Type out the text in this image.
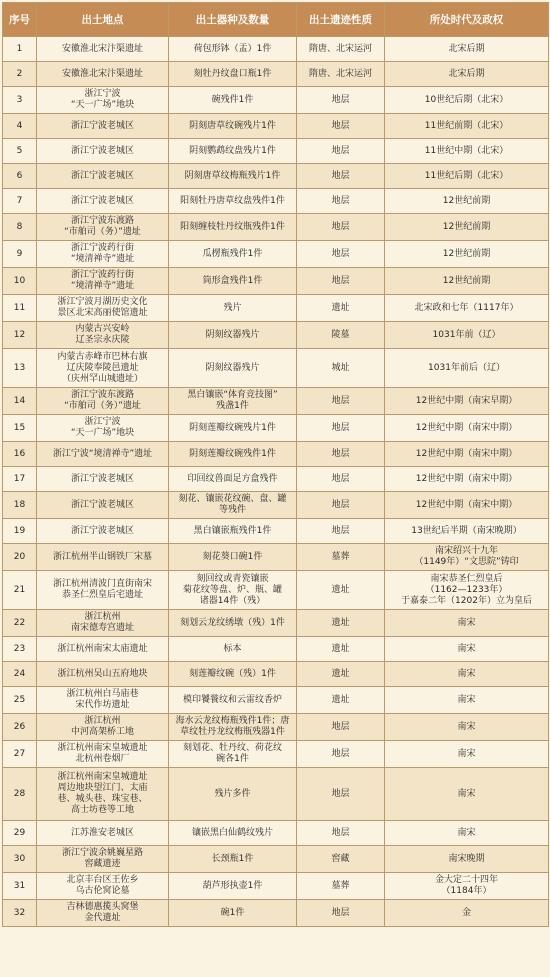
序号	出土地点	出土器种及数量	出土遗迹性质	所处时代及政权

1	安徽淮北宋汴渠遗址	荷包形钵（盂）1件	隋唐、北宋运河	北宋后期

2	安徽淮北宋汴渠遗址	刻牡丹纹盘口瓶1件	隋唐、北宋运河	北宋后期

3	浙江宁波
“天一广场”地块	碗残件1件	地层	10世纪后期（北宋）

4	浙江宁波老城区	阴刻唐草纹碗残片1件	地层	11世纪前期（北宋）

5	浙江宁波老城区	阴刻鹦鹉纹盘残片1件	地层	11世纪中期（北宋）

6	浙江宁波老城区	阴刻唐草纹梅瓶残片1件	地层	11世纪后期（北宋）

7	浙江宁波老城区	阳刻牡丹唐草纹盘残件1件	地层	12世纪前期

8	浙江宁波东渡路
“市舶司（务）”遗址	阳刻缠枝牡丹纹瓶残件1件	地层	12世纪前期

9	浙江宁波药行街
“境清禅寺”遗址	瓜楞瓶残件1件	地层	12世纪前期

10	浙江宁波药行街
“境清禅寺”遗址	筒形盒残件1件	地层	12世纪前期

11	浙江宁波月湖历史文化
景区北宋高丽使馆遗址	残片	遗址	北宋政和七年（1117年）

12	内蒙古兴安岭
辽圣宗永庆陵	阴刻纹器残片	陵墓	1031年前（辽）

13	内蒙古赤峰市巴林右旗
辽庆陵奉陵邑遗址
（庆州罕山城遗址）	阴刻纹器残片	城址	1031年前后（辽）

14	浙江宁波东渡路
“市舶司（务）”遗址	黑白镶嵌“体育竞技图”
残盏1件	地层	12世纪中期（南宋早期）

15	浙江宁波
“天一广场”地块	阴刻莲瓣纹碗残片1件	地层	12世纪中期（南宋中期）

16	浙江宁波“境清禅寺”遗址	阴刻莲瓣纹碗残件1件	地层	12世纪中期（南宋中期）

17	浙江宁波老城区	印回纹兽面足方盒残件	地层	12世纪中期（南宋中期）

18	浙江宁波老城区	刻花、镶嵌花纹碗、盘、罐
等残件	地层	12世纪中期（南宋中期）

19	浙江宁波老城区	黑白镶嵌瓶残件1件	地层	13世纪后半期（南宋晚期）

20	浙江杭州半山钢铁厂宋墓	刻花葵口碗1件	墓葬	南宋绍兴十九年
（1149年）“文思院”铸印

21	浙江杭州清波门直街南宋
恭圣仁烈皇后宅遗址	刻回纹或青瓷镶嵌
菊花纹等盘、炉、瓶、罐
诸器14件（残）	遗址	南宋恭圣仁烈皇后
（1162—1233年）
于嘉泰二年（1202年）立为皇后

22	浙江杭州
南宋德寿宫遗址	刻划云龙纹绣墩（残）1件	遗址	南宋

23	浙江杭州南宋太庙遗址	标本	遗址	南宋

24	浙江杭州吴山五府地块	刻莲瓣纹碗（残）1件	遗址	南宋

25	浙江杭州白马庙巷
宋代作坊遗址	模印饕餮纹和云雷纹香炉	遗址	南宋

26	浙江杭州
中河高架桥工地	海水云龙纹梅瓶残件1件；唐
草纹牡丹龙纹梅瓶残器1件	地层	南宋

27	浙江杭州南宋皇城遗址
北杭州卷烟厂	刻划花、牡丹纹、荷花纹
碗各1件	地层	南宋

28	浙江杭州南宋皇城遗址
周边地块望江门、太庙
巷、城头巷、珠宝巷、
高士坊巷等工地	残片多件	地层	南宋

29	江苏淮安老城区	镶嵌黑白仙鹤纹残片	地层	南宋

30	浙江宁波余姚巍星路
窖藏遗迹	长颈瓶1件	窖藏	南宋晚期

31	北京丰台区王佐乡
乌古伦窝论墓	葫芦形执壶1件	墓葬	金大定二十四年
（1184年）

32	吉林德惠揽头窝堡
金代遗址	碗1件	地层	金
